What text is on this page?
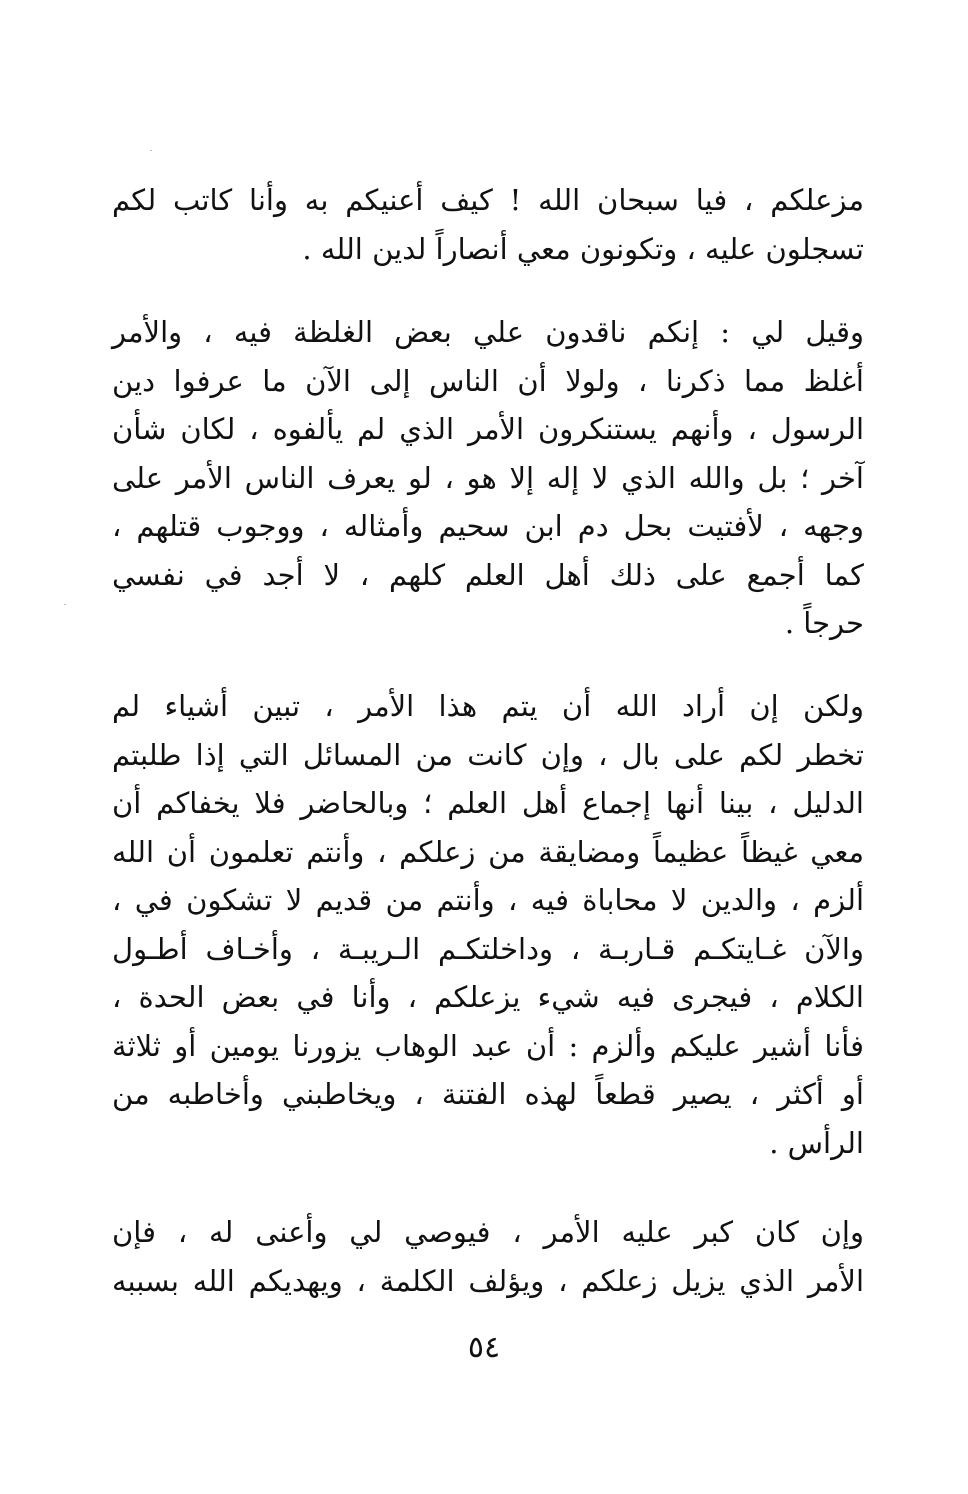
مزعلكم ، فيا سبحان الله ! كيف أعنيكم به وأنا كاتب لكم
تسجلون عليه ، وتكونون معي أنصاراً لدين الله .
وقيل لي : إنكم ناقدون علي بعض الغلظة فيه ، والأمر
أغلظ مما ذكرنا ، ولولا أن الناس إلى الآن ما عرفوا دين
الرسول ، وأنهم يستنكرون الأمر الذي لم يألفوه ، لكان شأن
آخر ؛ بل والله الذي لا إله إلا هو ، لو يعرف الناس الأمر على
وجهه ، لأفتيت بحل دم ابن سحيم وأمثاله ، ووجوب قتلهم ،
كما أجمع على ذلك أهل العلم كلهم ، لا أجد في نفسي
حرجاً .
ولكن إن أراد الله أن يتم هذا الأمر ، تبين أشياء لم
تخطر لكم على بال ، وإن كانت من المسائل التي إذا طلبتم
الدليل ، بينا أنها إجماع أهل العلم ؛ وبالحاضر فلا يخفاكم أن
معي غيظاً عظيماً ومضايقة من زعلكم ، وأنتم تعلمون أن الله
ألزم ، والدين لا محاباة فيه ، وأنتم من قديم لا تشكون في ،
والآن غـايتكـم قـاربـة ، وداخلتكـم الـريبـة ، وأخـاف أطـول
الكلام ، فيجرى فيه شيء يزعلكم ، وأنا في بعض الحدة ،
فأنا أشير عليكم وألزم : أن عبد الوهاب يزورنا يومين أو ثلاثة
أو أكثر ، يصير قطعاً لهذه الفتنة ، ويخاطبني وأخاطبه من
الرأس .
وإن كان كبر عليه الأمر ، فيوصي لي وأعنى له ، فإن
الأمر الذي يزيل زعلكم ، ويؤلف الكلمة ، ويهديكم الله بسببه
٥٤
